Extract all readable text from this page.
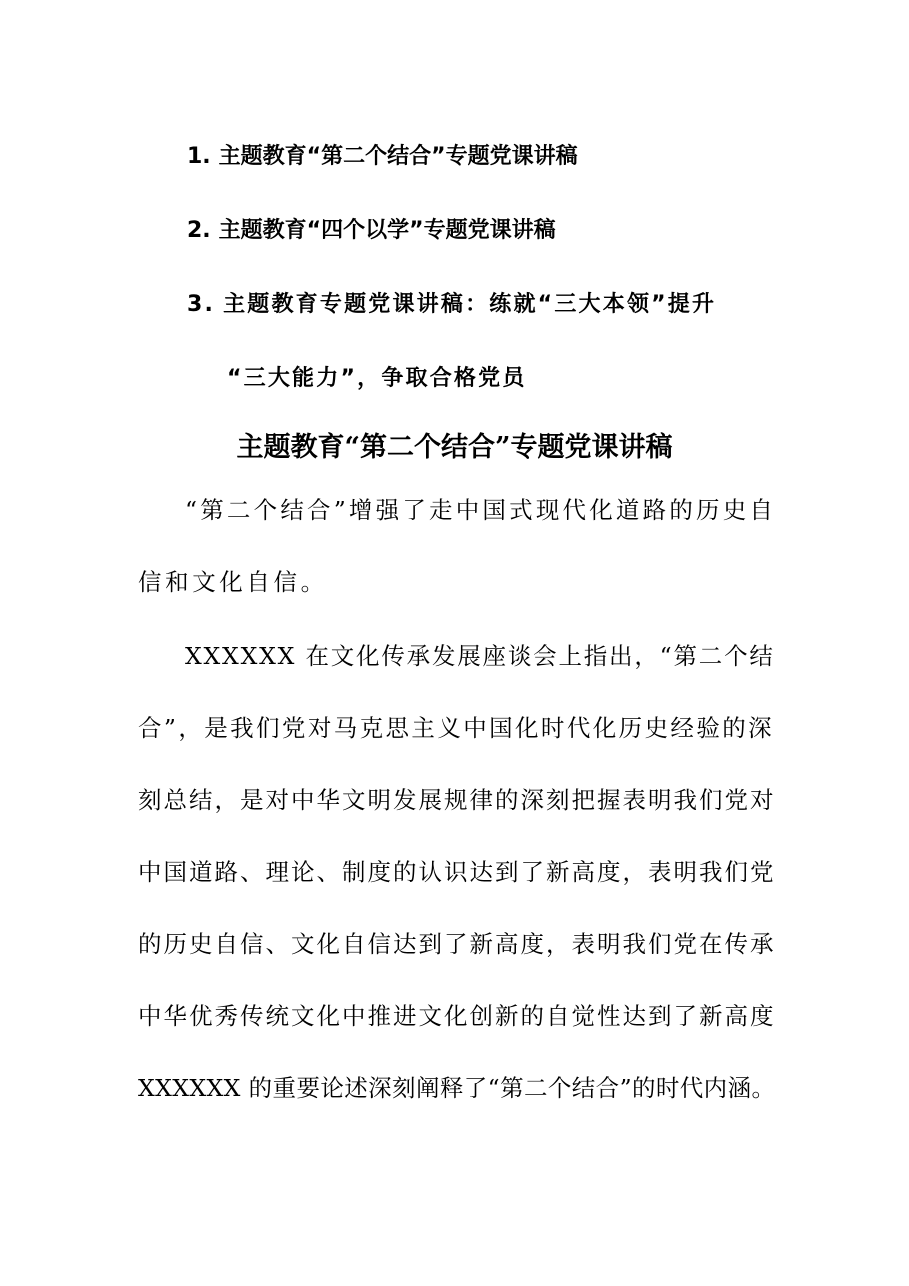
1. 主题教育“第二个结合”专题党课讲稿
2. 主题教育“四个以学”专题党课讲稿
3. 主题教育专题党课讲稿：练就“三大本领”提升
“三大能力”，争取合格党员
主题教育“第二个结合”专题党课讲稿
“第二个结合”增强了走中国式现代化道路的历史自
信和文化自信。
XXXXXX 在文化传承发展座谈会上指出，“第二个结
合”，是我们党对马克思主义中国化时代化历史经验的深
刻总结，是对中华文明发展规律的深刻把握表明我们党对
中国道路、理论、制度的认识达到了新高度，表明我们党
的历史自信、文化自信达到了新高度，表明我们党在传承
中华优秀传统文化中推进文化创新的自觉性达到了新高度
XXXXXX 的重要论述深刻阐释了“第二个结合”的时代内涵。
